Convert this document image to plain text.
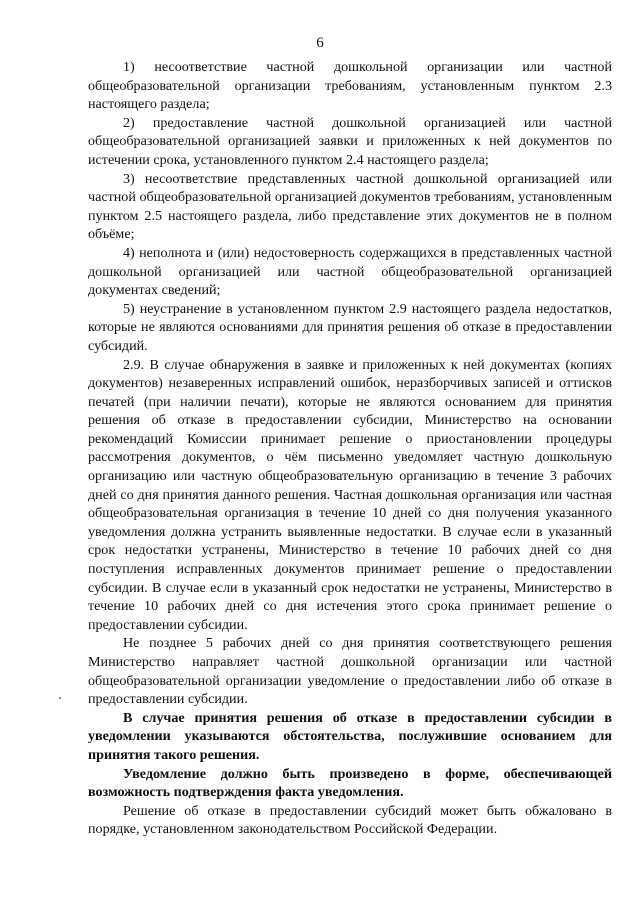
6

1) несоответствие частной дошкольной организации или частной общеобразовательной организации требованиям, установленным пунктом 2.3 настоящего раздела;

2) предоставление частной дошкольной организацией или частной общеобразовательной организацией заявки и приложенных к ней документов по истечении срока, установленного пунктом 2.4 настоящего раздела;

3) несоответствие представленных частной дошкольной организацией или частной общеобразовательной организацией документов требованиям, установленным пунктом 2.5 настоящего раздела, либо представление этих документов не в полном объёме;

4) неполнота и (или) недостоверность содержащихся в представленных частной дошкольной организацией или частной общеобразовательной организацией документах сведений;

5) неустранение в установленном пунктом 2.9 настоящего раздела недостатков, которые не являются основаниями для принятия решения об отказе в предоставлении субсидий.

2.9. В случае обнаружения в заявке и приложенных к ней документах (копиях документов) незаверенных исправлений ошибок, неразборчивых записей и оттисков печатей (при наличии печати), которые не являются основанием для принятия решения об отказе в предоставлении субсидии, Министерство на основании рекомендаций Комиссии принимает решение о приостановлении процедуры рассмотрения документов, о чём письменно уведомляет частную дошкольную организацию или частную общеобразовательную организацию в течение 3 рабочих дней со дня принятия данного решения. Частная дошкольная организация или частная общеобразовательная организация в течение 10 дней со дня получения указанного уведомления должна устранить выявленные недостатки. В случае если в указанный срок недостатки устранены, Министерство в течение 10 рабочих дней со дня поступления исправленных документов принимает решение о предоставлении субсидии. В случае если в указанный срок недостатки не устранены, Министерство в течение 10 рабочих дней со дня истечения этого срока принимает решение о предоставлении субсидии.

Не позднее 5 рабочих дней со дня принятия соответствующего решения Министерство направляет частной дошкольной организации или частной общеобразовательной организации уведомление о предоставлении либо об отказе в предоставлении субсидии.

В случае принятия решения об отказе в предоставлении субсидии в уведомлении указываются обстоятельства, послужившие основанием для принятия такого решения.

Уведомление должно быть произведено в форме, обеспечивающей возможность подтверждения факта уведомления.

Решение об отказе в предоставлении субсидий может быть обжаловано в порядке, установленном законодательством Российской Федерации.
